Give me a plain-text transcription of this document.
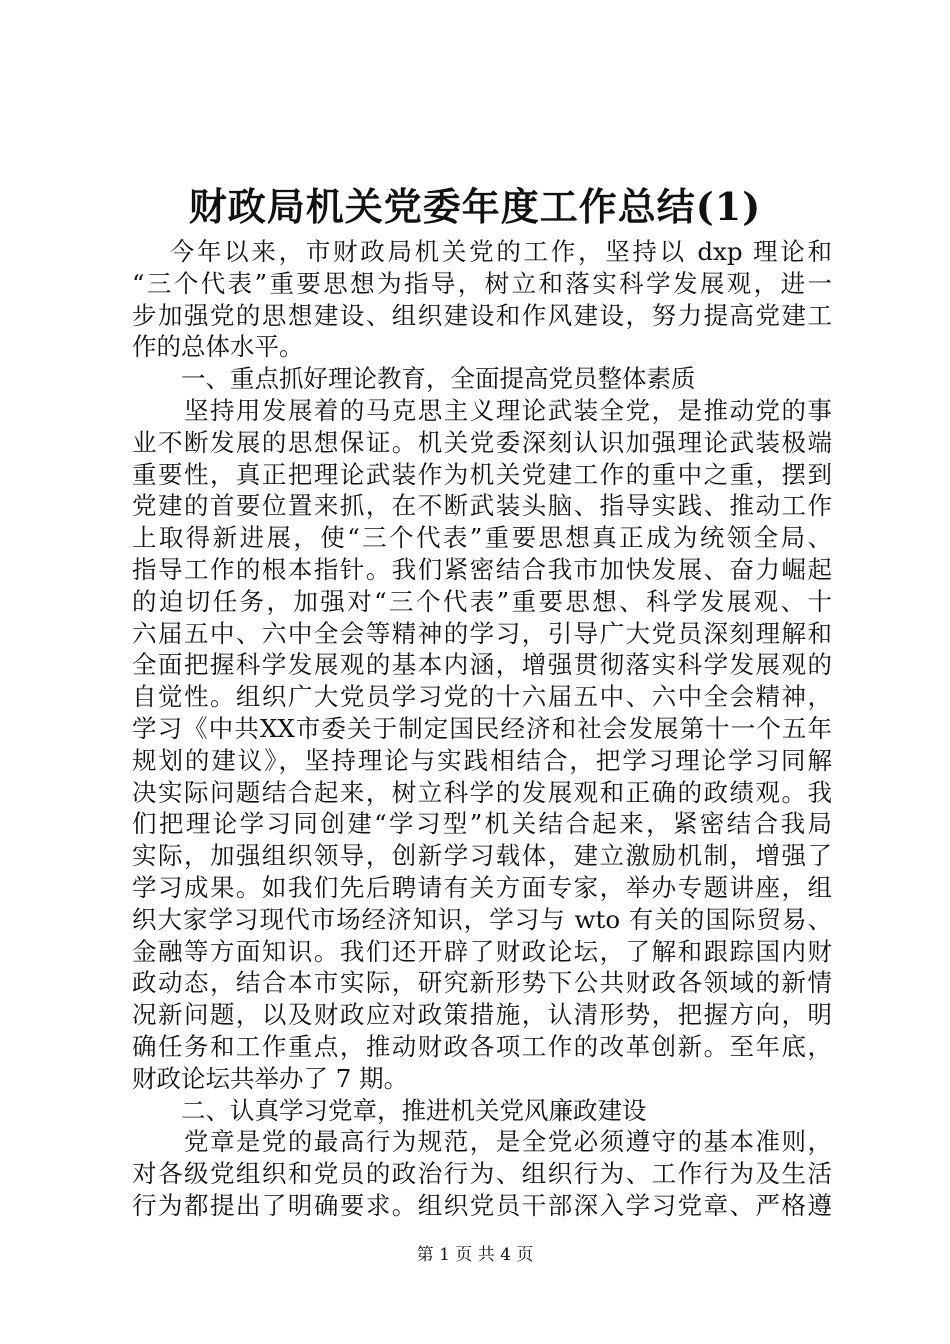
财政局机关党委年度工作总结(1)
　 今年以来，市财政局机关党的工作，坚持以 dxp 理论和
“三个代表”重要思想为指导，树立和落实科学发展观，进一
步加强党的思想建设、组织建设和作风建设，努力提高党建工
作的总体水平。
　　一、重点抓好理论教育，全面提高党员整体素质
　　坚持用发展着的马克思主义理论武装全党，是推动党的事
业不断发展的思想保证。机关党委深刻认识加强理论武装极端
重要性，真正把理论武装作为机关党建工作的重中之重，摆到
党建的首要位置来抓，在不断武装头脑、指导实践、推动工作
上取得新进展，使“三个代表”重要思想真正成为统领全局、
指导工作的根本指针。我们紧密结合我市加快发展、奋力崛起
的迫切任务，加强对“三个代表”重要思想、科学发展观、十
六届五中、六中全会等精神的学习，引导广大党员深刻理解和
全面把握科学发展观的基本内涵，增强贯彻落实科学发展观的
自觉性。组织广大党员学习党的十六届五中、六中全会精神，
学习《中共XX市委关于制定国民经济和社会发展第十一个五年
规划的建议》，坚持理论与实践相结合，把学习理论学习同解
决实际问题结合起来，树立科学的发展观和正确的政绩观。我
们把理论学习同创建“学习型”机关结合起来，紧密结合我局
实际，加强组织领导，创新学习载体，建立激励机制，增强了
学习成果。如我们先后聘请有关方面专家，举办专题讲座，组
织大家学习现代市场经济知识，学习与 wto 有关的国际贸易、
金融等方面知识。我们还开辟了财政论坛，了解和跟踪国内财
政动态，结合本市实际，研究新形势下公共财政各领域的新情
况新问题，以及财政应对政策措施，认清形势，把握方向，明
确任务和工作重点，推动财政各项工作的改革创新。至年底，
财政论坛共举办了 7 期。
　　二、认真学习党章，推进机关党风廉政建设
　　党章是党的最高行为规范，是全党必须遵守的基本准则，
对各级党组织和党员的政治行为、组织行为、工作行为及生活
行为都提出了明确要求。组织党员干部深入学习党章、严格遵
第 1 页 共 4 页
